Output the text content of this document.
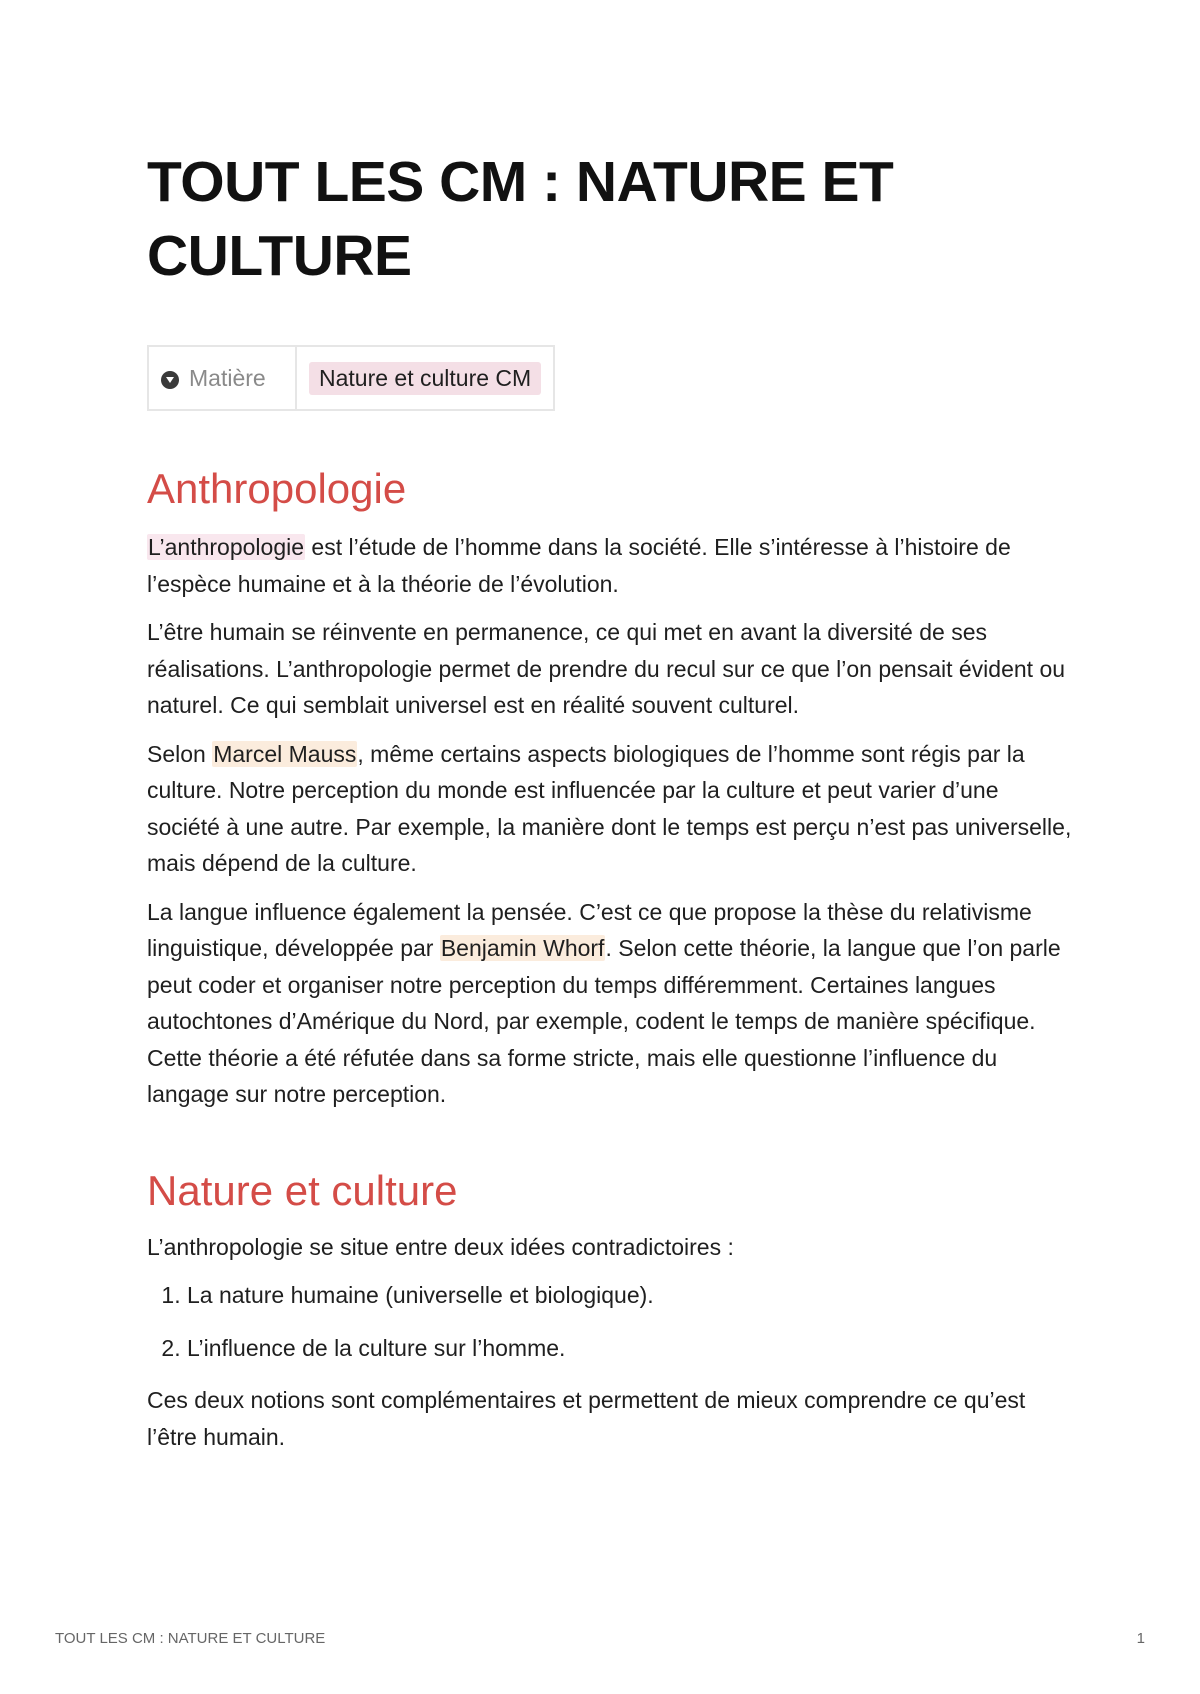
TOUT LES CM : NATURE ET CULTURE
Matière	Nature et culture CM
Anthropologie

L’anthropologie est l’étude de l’homme dans la société. Elle s’intéresse à l’histoire de l’espèce humaine et à la théorie de l’évolution.

L’être humain se réinvente en permanence, ce qui met en avant la diversité de ses réalisations. L’anthropologie permet de prendre du recul sur ce que l’on pensait évident ou naturel. Ce qui semblait universel est en réalité souvent culturel.

Selon Marcel Mauss, même certains aspects biologiques de l’homme sont régis par la culture. Notre perception du monde est influencée par la culture et peut varier d’une société à une autre. Par exemple, la manière dont le temps est perçu n’est pas universelle, mais dépend de la culture.

La langue influence également la pensée. C’est ce que propose la thèse du relativisme linguistique, développée par Benjamin Whorf. Selon cette théorie, la langue que l’on parle peut coder et organiser notre perception du temps différemment. Certaines langues autochtones d’Amérique du Nord, par exemple, codent le temps de manière spécifique. Cette théorie a été réfutée dans sa forme stricte, mais elle questionne l’influence du langage sur notre perception.

Nature et culture

L’anthropologie se situe entre deux idées contradictoires :

1. La nature humaine (universelle et biologique).
2. L’influence de la culture sur l’homme.

Ces deux notions sont complémentaires et permettent de mieux comprendre ce qu’est l’être humain.

TOUT LES CM : NATURE ET CULTURE	1
